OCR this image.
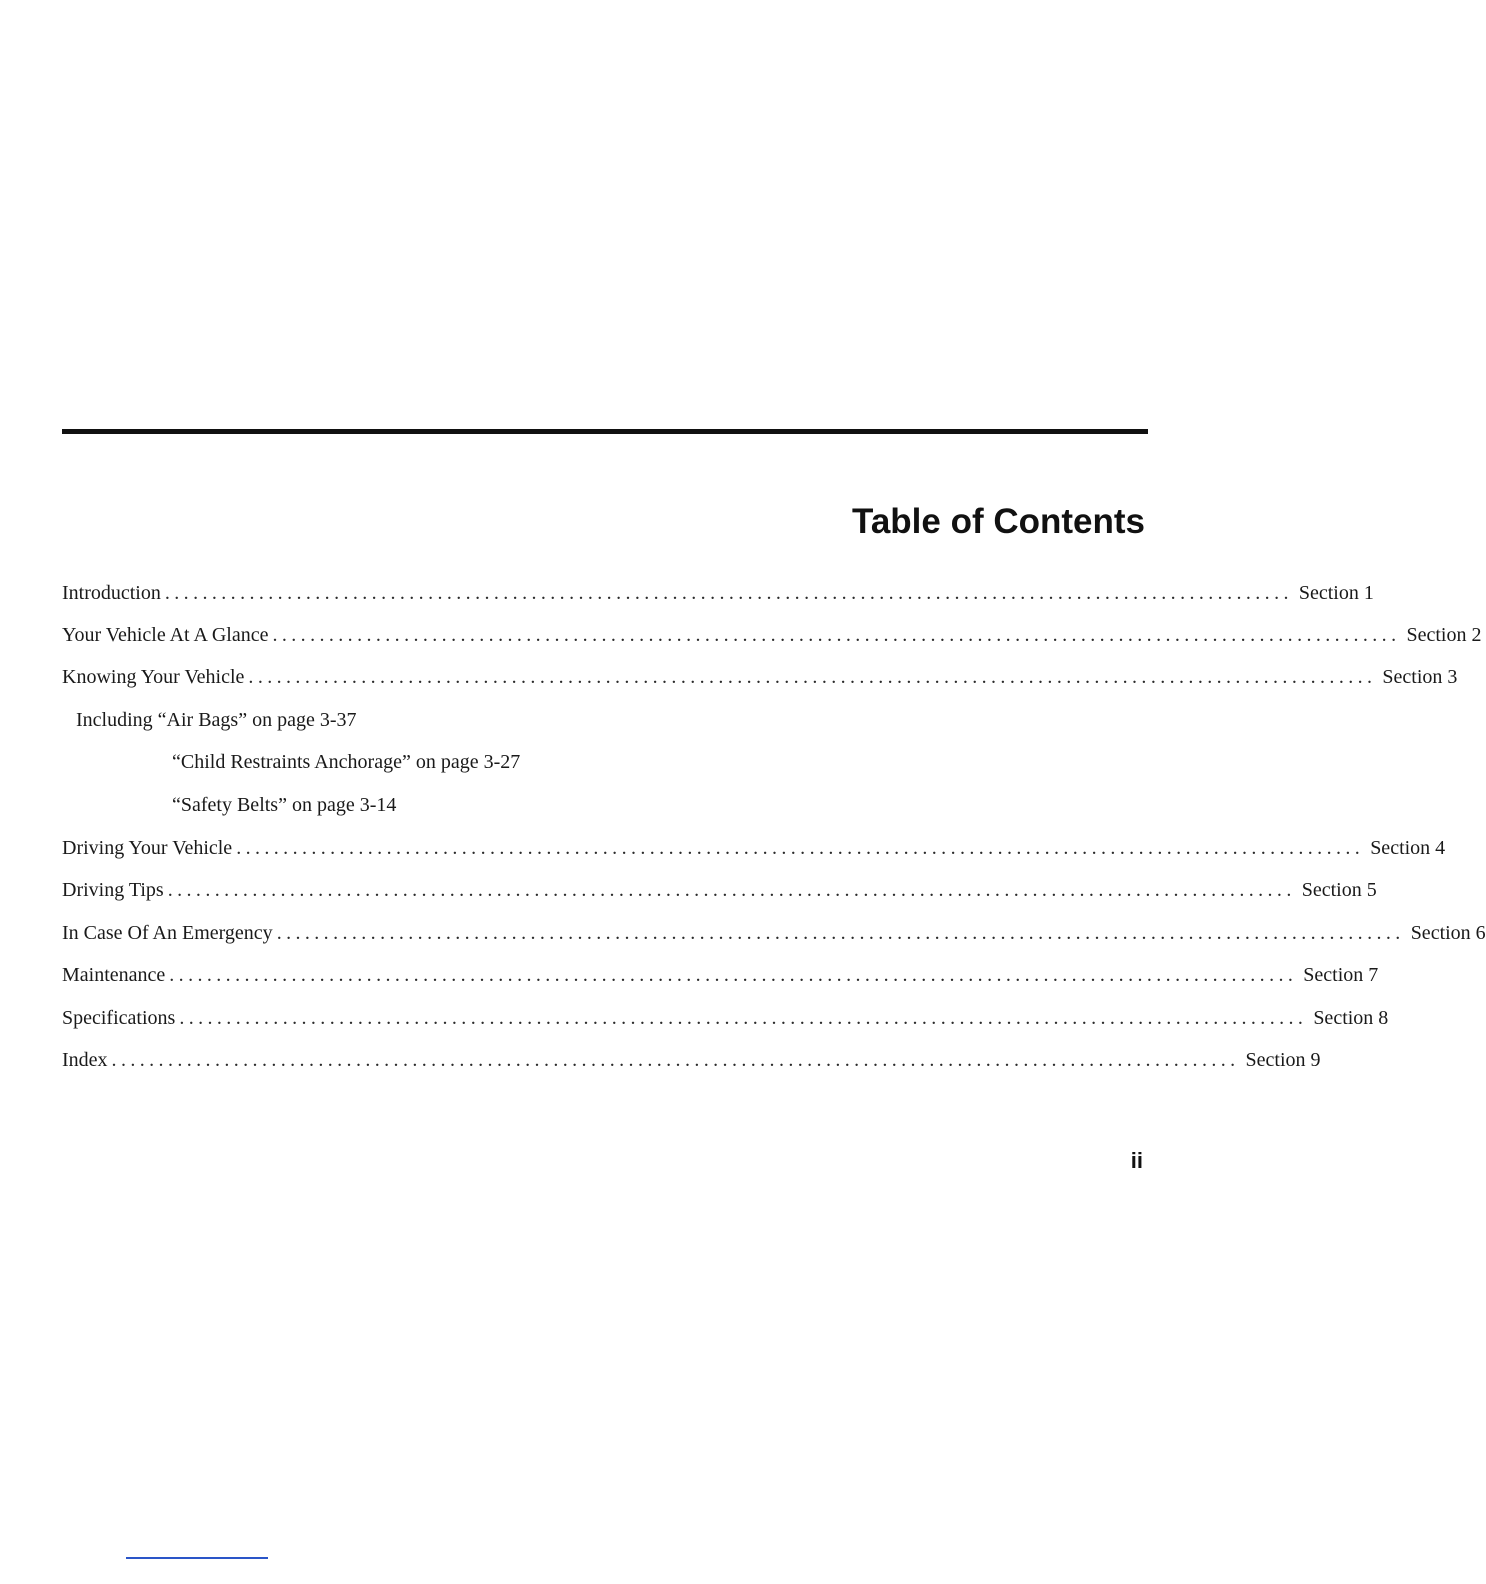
Table of Contents
Introduction ........................................................................................................................ Section 1
Your Vehicle At A Glance ........................................................................................................................ Section 2
Knowing Your Vehicle ........................................................................................................................ Section 3
Including “Air Bags” on page 3-37
“Child Restraints Anchorage” on page 3-27
“Safety Belts” on page 3-14
Driving Your Vehicle ........................................................................................................................ Section 4
Driving Tips ........................................................................................................................ Section 5
In Case Of An Emergency ........................................................................................................................ Section 6
Maintenance ........................................................................................................................ Section 7
Specifications ........................................................................................................................ Section 8
Index ........................................................................................................................ Section 9

ii
